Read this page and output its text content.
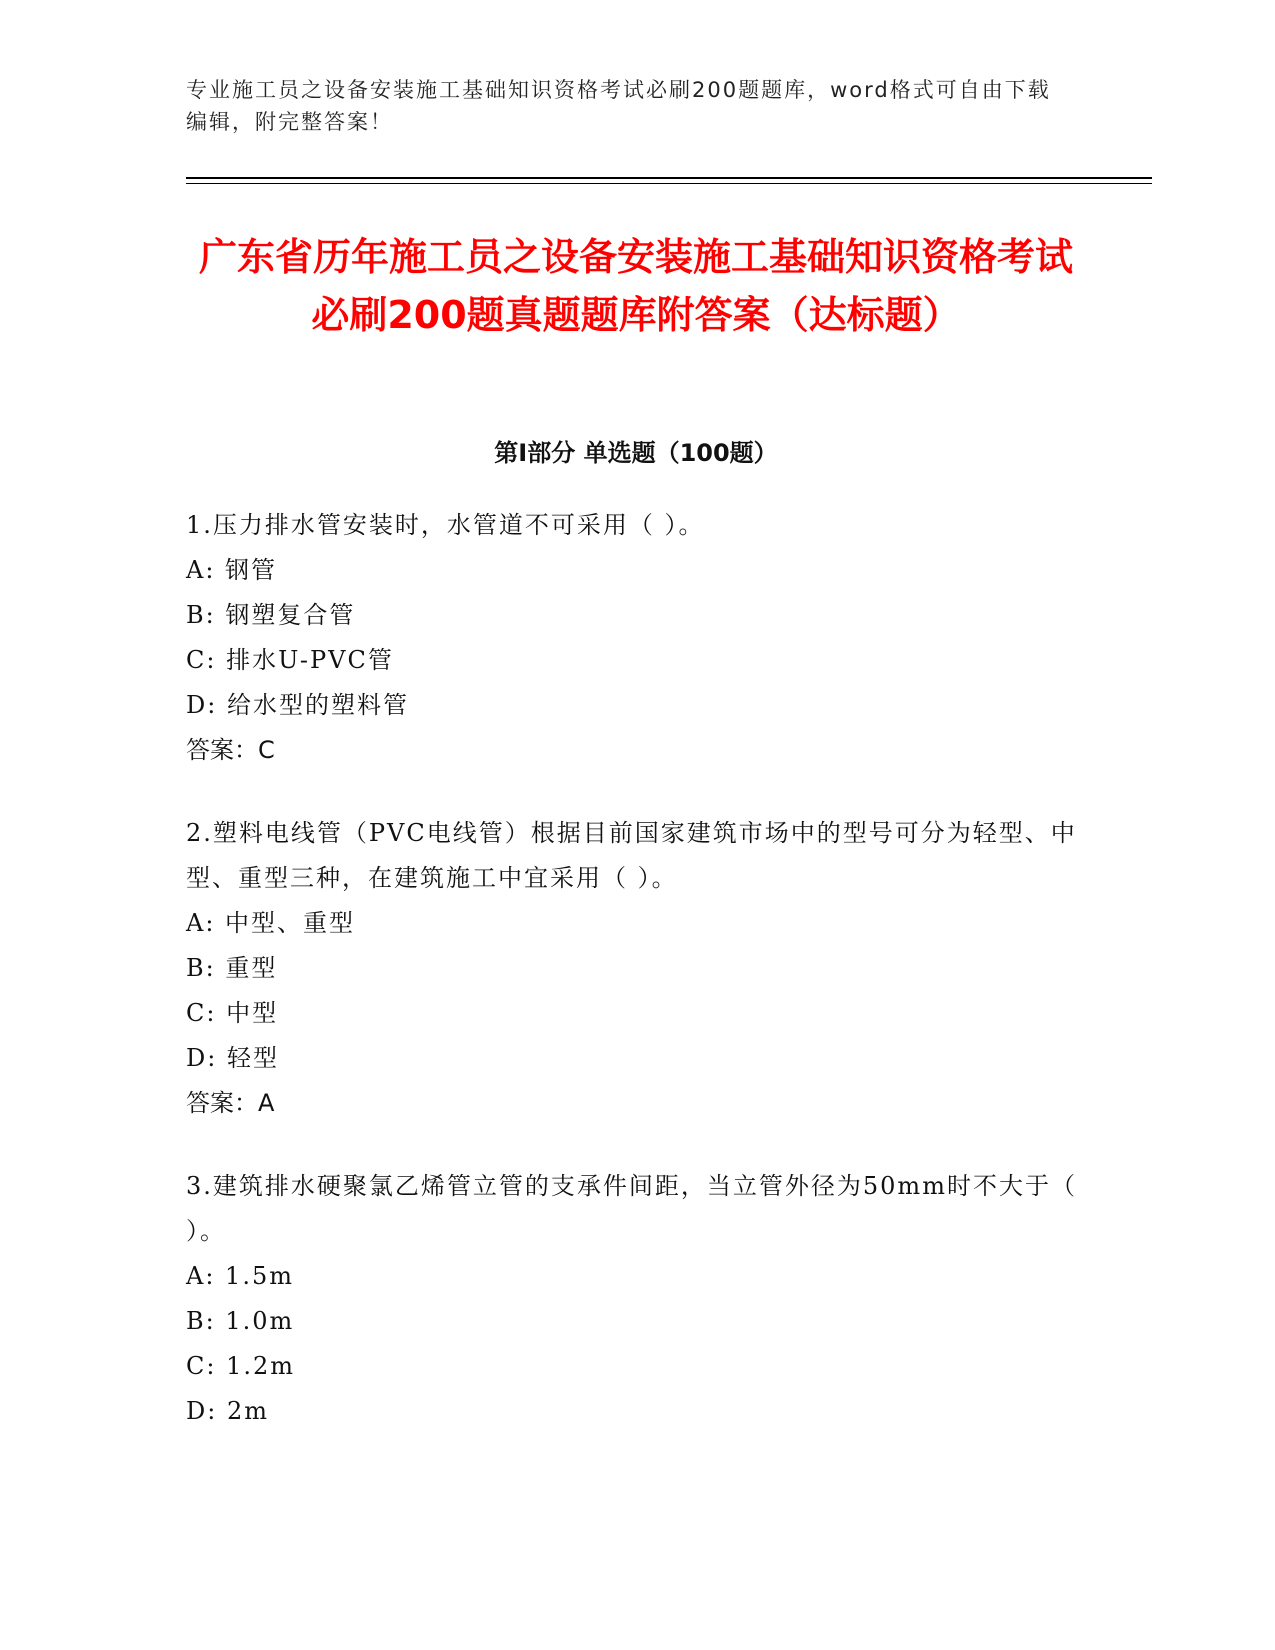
专业施工员之设备安装施工基础知识资格考试必刷200题题库，word格式可自由下载编辑，附完整答案！
广东省历年施工员之设备安装施工基础知识资格考试必刷200题真题题库附答案（达标题）
第I部分 单选题（100题）
1.压力排水管安装时，水管道不可采用（ ）。
A: 钢管
B: 钢塑复合管
C: 排水U-PVC管
D: 给水型的塑料管
答案：C
2.塑料电线管（PVC电线管）根据目前国家建筑市场中的型号可分为轻型、中型、重型三种，在建筑施工中宜采用（ ）。
A: 中型、重型
B: 重型
C: 中型
D: 轻型
答案：A
3.建筑排水硬聚氯乙烯管立管的支承件间距，当立管外径为50mm时不大于（ ）。
A: 1.5m
B: 1.0m
C: 1.2m
D: 2m
